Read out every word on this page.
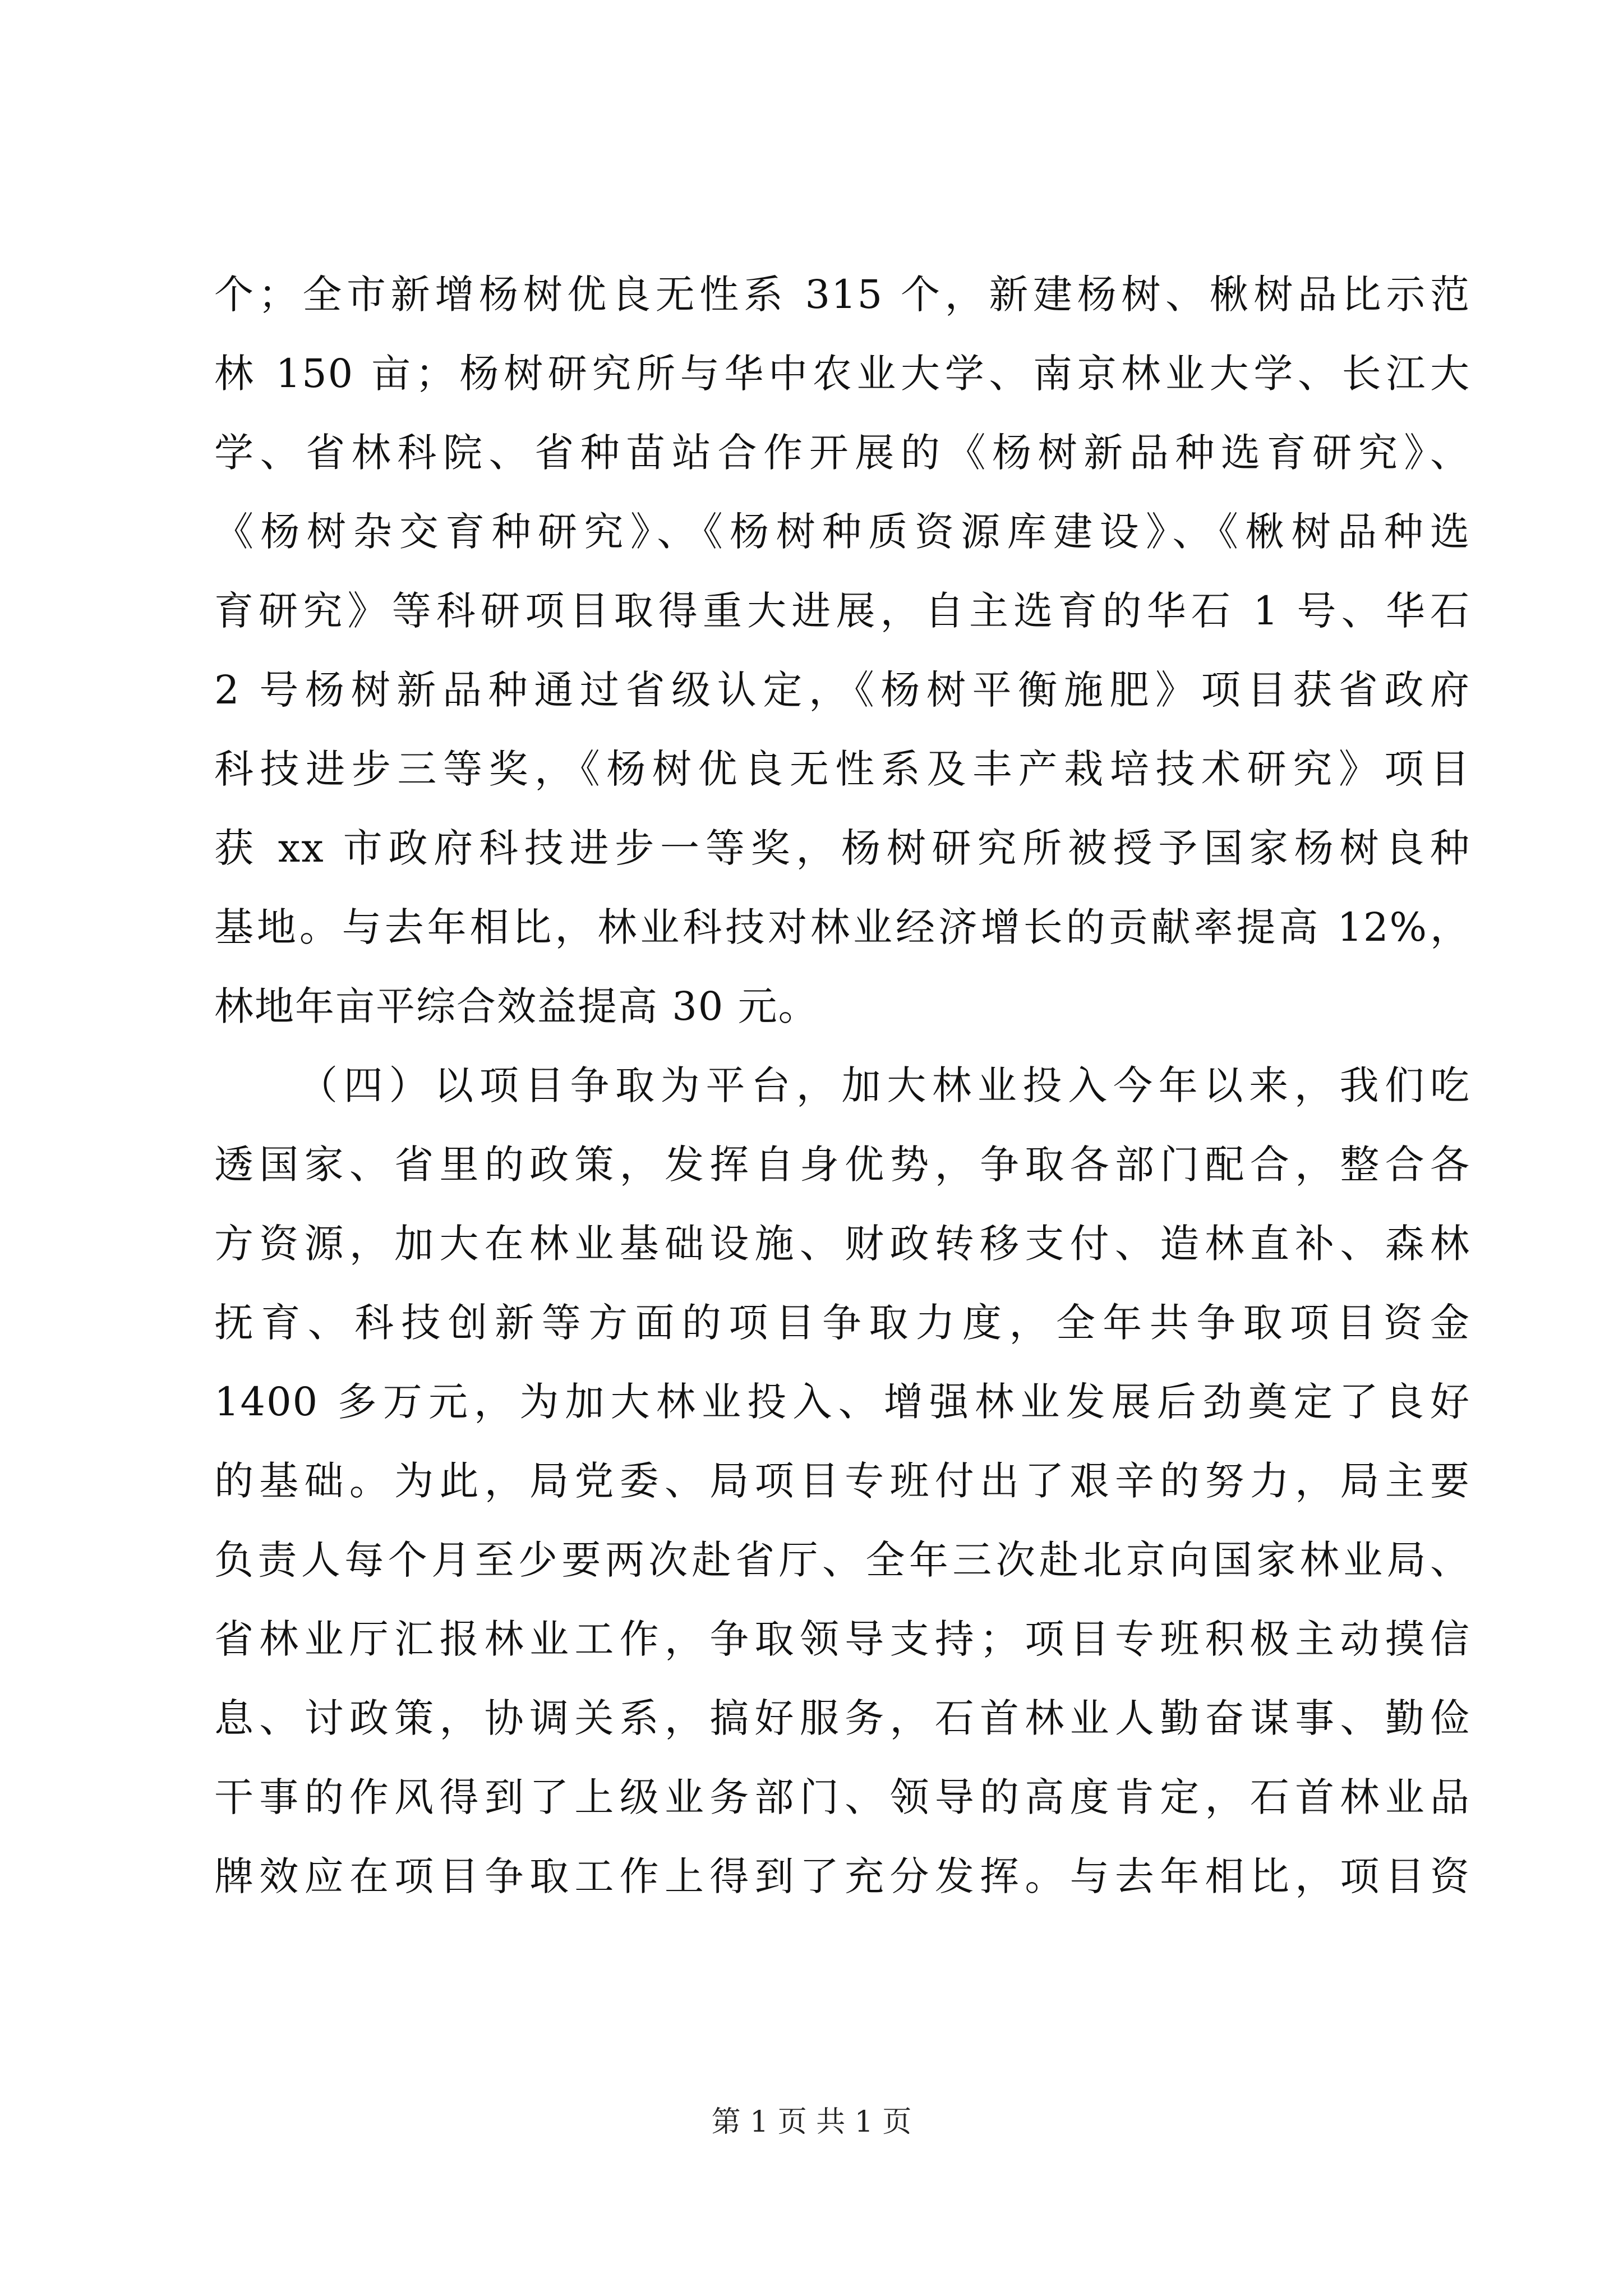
个；全市新增杨树优良无性系 315 个，新建杨树、楸树品比示范
林 150 亩；杨树研究所与华中农业大学、南京林业大学、长江大
学、省林科院、省种苗站合作开展的《杨树新品种选育研究》、
《杨树杂交育种研究》、《杨树种质资源库建设》、《楸树品种选
育研究》等科研项目取得重大进展，自主选育的华石 1 号、华石
2 号杨树新品种通过省级认定，《杨树平衡施肥》项目获省政府
科技进步三等奖，《杨树优良无性系及丰产栽培技术研究》项目
获 xx 市政府科技进步一等奖，杨树研究所被授予国家杨树良种
基地。与去年相比，林业科技对林业经济增长的贡献率提高 12%，
林地年亩平综合效益提高 30 元。
（四）以项目争取为平台，加大林业投入今年以来，我们吃
透国家、省里的政策，发挥自身优势，争取各部门配合，整合各
方资源，加大在林业基础设施、财政转移支付、造林直补、森林
抚育、科技创新等方面的项目争取力度，全年共争取项目资金
1400 多万元，为加大林业投入、增强林业发展后劲奠定了良好
的基础。为此，局党委、局项目专班付出了艰辛的努力，局主要
负责人每个月至少要两次赴省厅、全年三次赴北京向国家林业局、
省林业厅汇报林业工作，争取领导支持；项目专班积极主动摸信
息、讨政策，协调关系，搞好服务，石首林业人勤奋谋事、勤俭
干事的作风得到了上级业务部门、领导的高度肯定，石首林业品
牌效应在项目争取工作上得到了充分发挥。与去年相比，项目资
第 1 页 共 1 页
